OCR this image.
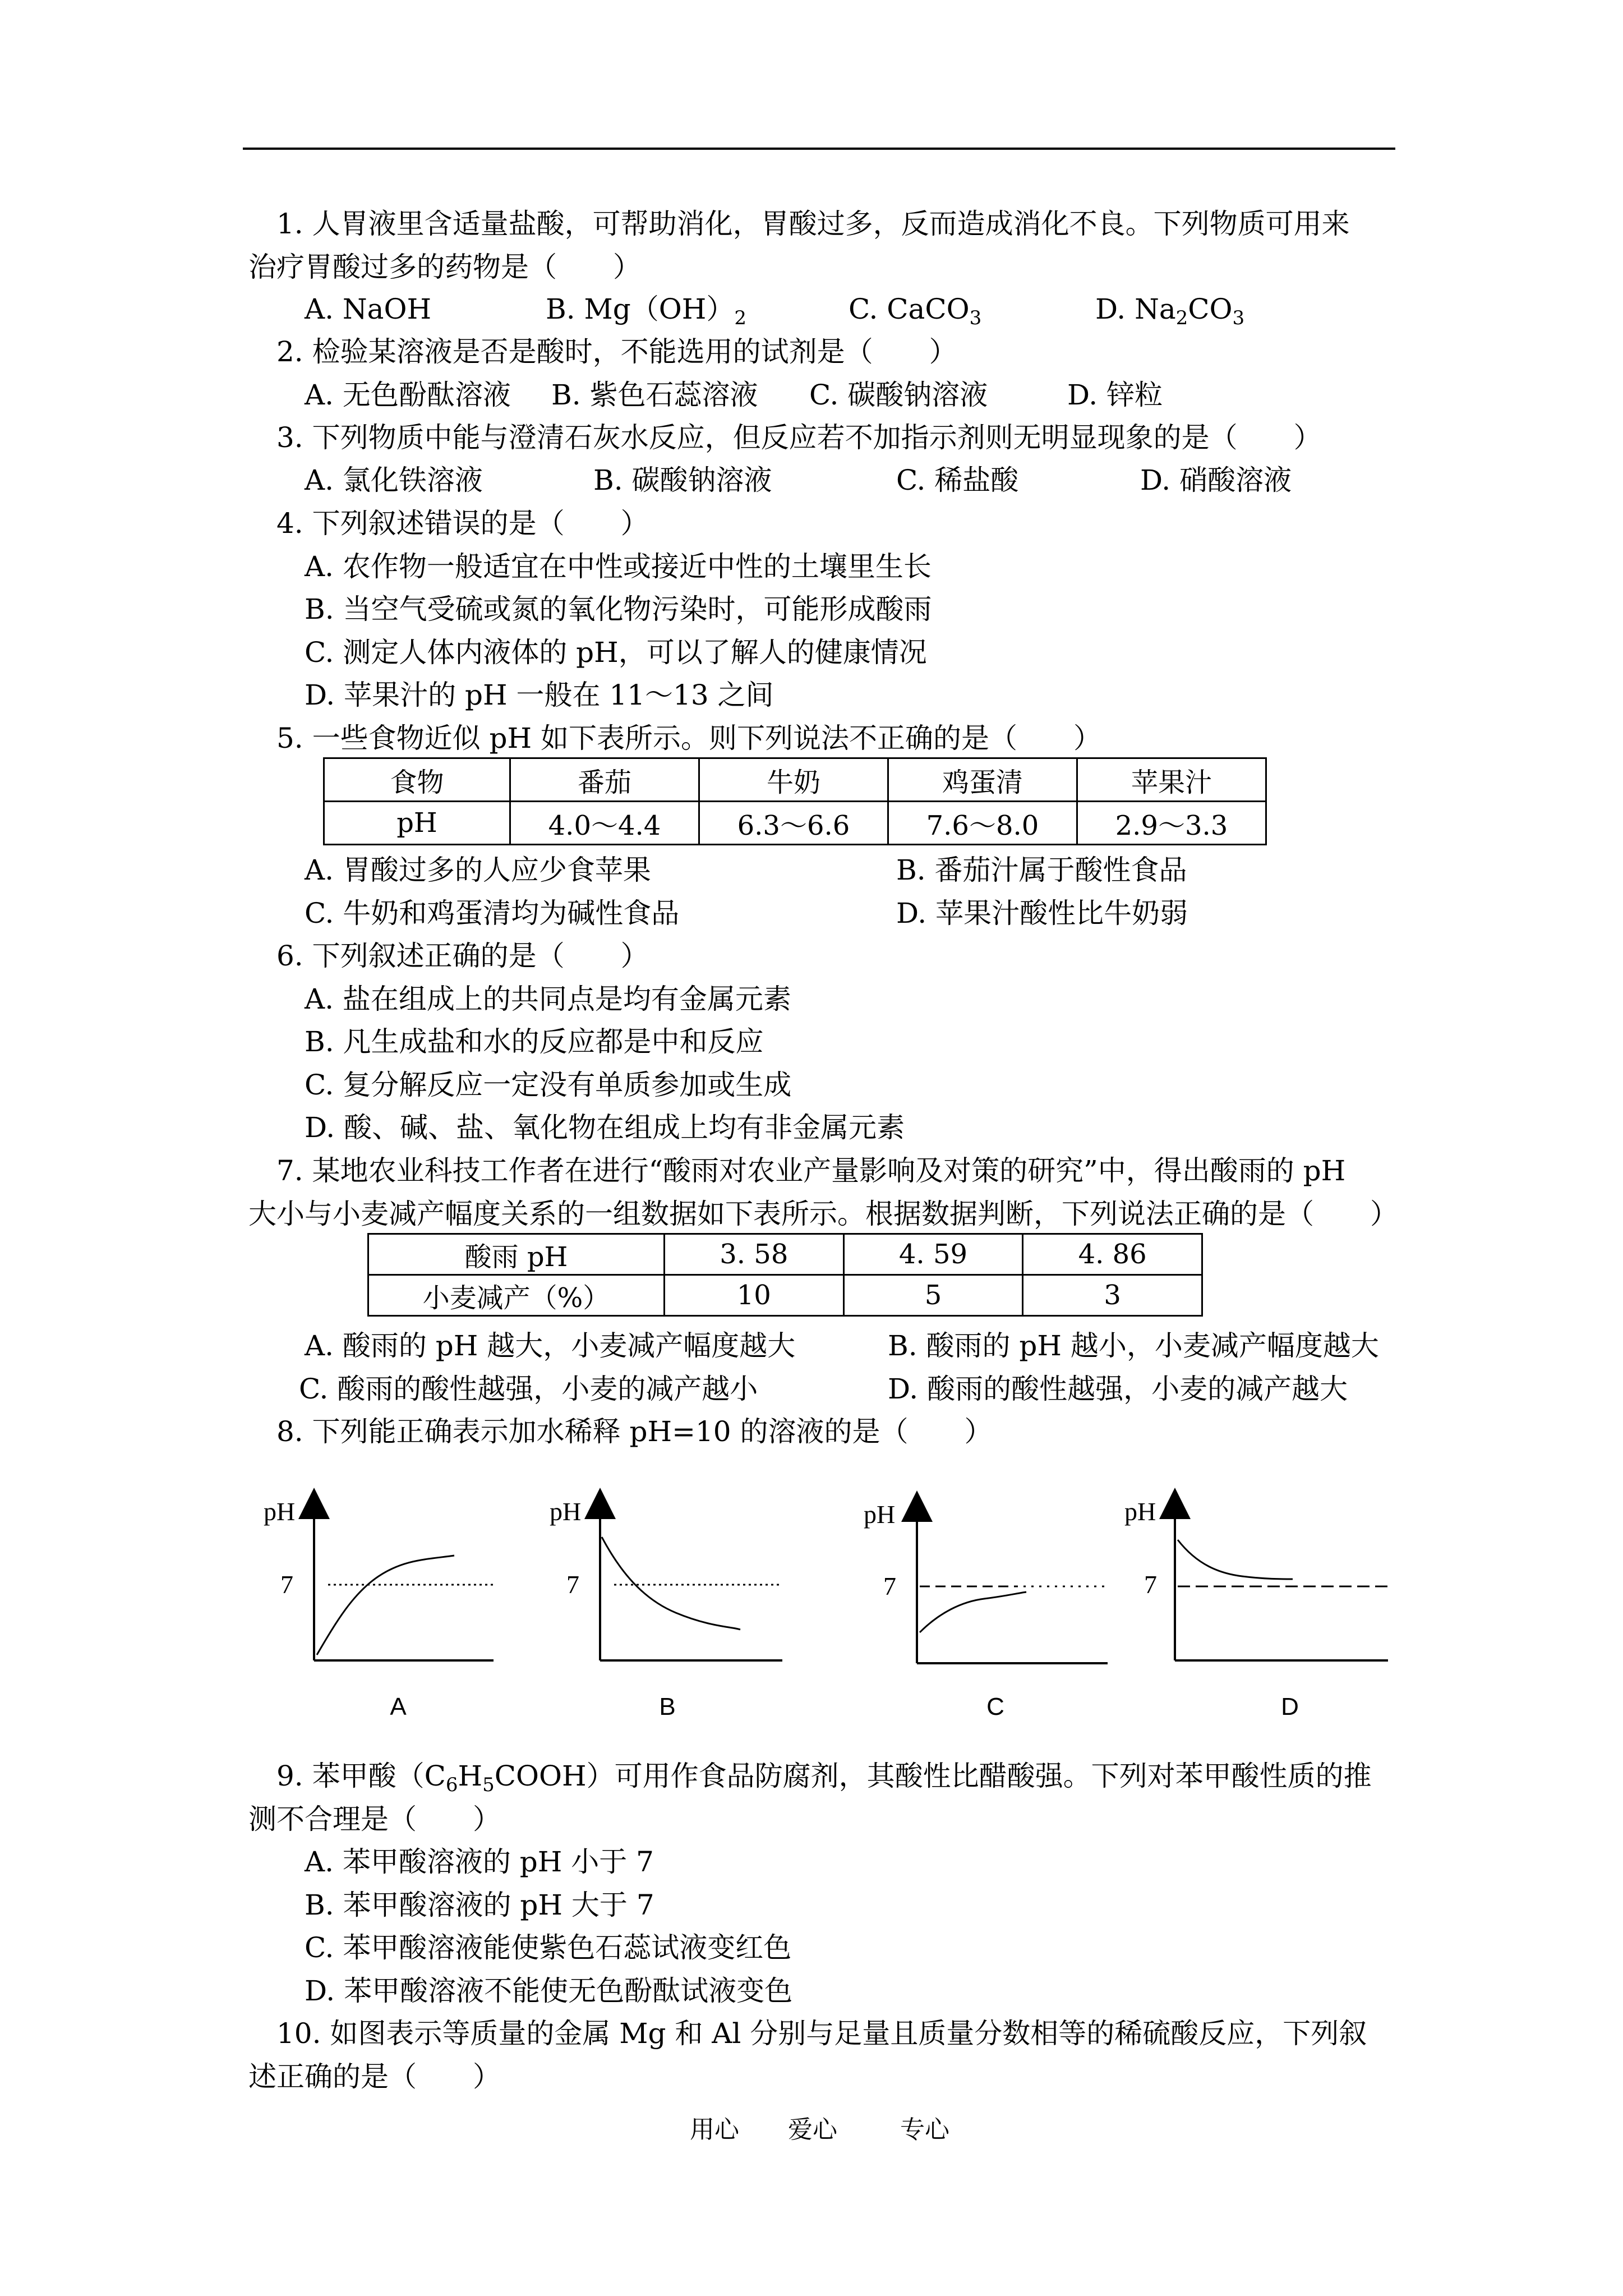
1. 人胃液里含适量盐酸，可帮助消化，胃酸过多，反而造成消化不良。下列物质可用来
治疗胃酸过多的药物是（　　）
A. NaOH	B. $Mg(OH)_2$	C. CaCO$_3$	D. $Na_2CO_3$
2. 检验某溶液是否是酸时，不能选用的试剂是（　　）
A. 无色酚酞溶液 B. 紫色石蕊溶液 C. 碳酸钠溶液	D. 锌粒
3. 下列物质中能与澄清石灰水反应，但反应若不加指示剂则无明显现象的是（　　）
A. 氯化铁溶液	B. 碳酸钠溶液	C. 稀盐酸	D. 硝酸溶液
4. 下列叙述错误的是（　　）
A. 农作物一般适宜在中性或接近中性的土壤里生长
B. 当空气受硫或氮的氧化物污染时，可能形成酸雨
C. 测定人体内液体的 pH，可以了解人的健康情况
D. 苹果汁的 pH 一般在 11～13 之间
5. 一些食物近似 pH 如下表所示。则下列说法不正确的是（　　）
食物	番茄	牛奶	鸡蛋清	苹果汁
pH	4.0～4.4	6.3～6.6	7.6～8.0	2.9～3.3
A. 胃酸过多的人应少食苹果	B. 番茄汁属于酸性食品
C. 牛奶和鸡蛋清均为碱性食品	D. 苹果汁酸性比牛奶弱
6. 下列叙述正确的是（　　）
A. 盐在组成上的共同点是均有金属元素
B. 凡生成盐和水的反应都是中和反应
C. 复分解反应一定没有单质参加或生成
D. 酸、碱、盐、氧化物在组成上均有非金属元素
7. 某地农业科技工作者在进行“酸雨对农业产量影响及对策的研究”中，得出酸雨的 pH
大小与小麦减产幅度关系的一组数据如下表所示。根据数据判断，下列说法正确的是（　　）
酸雨 pH	3. 58	4. 59	4. 86
小麦减产（%）	10	5	3
A. 酸雨的 pH 越大，小麦减产幅度越大	B. 酸雨的 pH 越小，小麦减产幅度越大
C. 酸雨的酸性越强，小麦的减产越小	D. 酸雨的酸性越强，小麦的减产越大
8. 下列能正确表示加水稀释 pH=10 的溶液的是（　　）
pH
7
A
pH
7
B
pH
7
C
pH
7
D
9. 苯甲酸$(C_6H_5COOH)$可用作食品防腐剂，其酸性比醋酸强。下列对苯甲酸性质的推
测不合理是（　　）
A. 苯甲酸溶液的 pH 小于 7
B. 苯甲酸溶液的 pH 大于 7
C. 苯甲酸溶液能使紫色石蕊试液变红色
D. 苯甲酸溶液不能使无色酚酞试液变色
10. 如图表示等质量的金属 Mg 和 Al 分别与足量且质量分数相等的稀硫酸反应，下列叙
述正确的是（　　）
用心 爱心	专心
